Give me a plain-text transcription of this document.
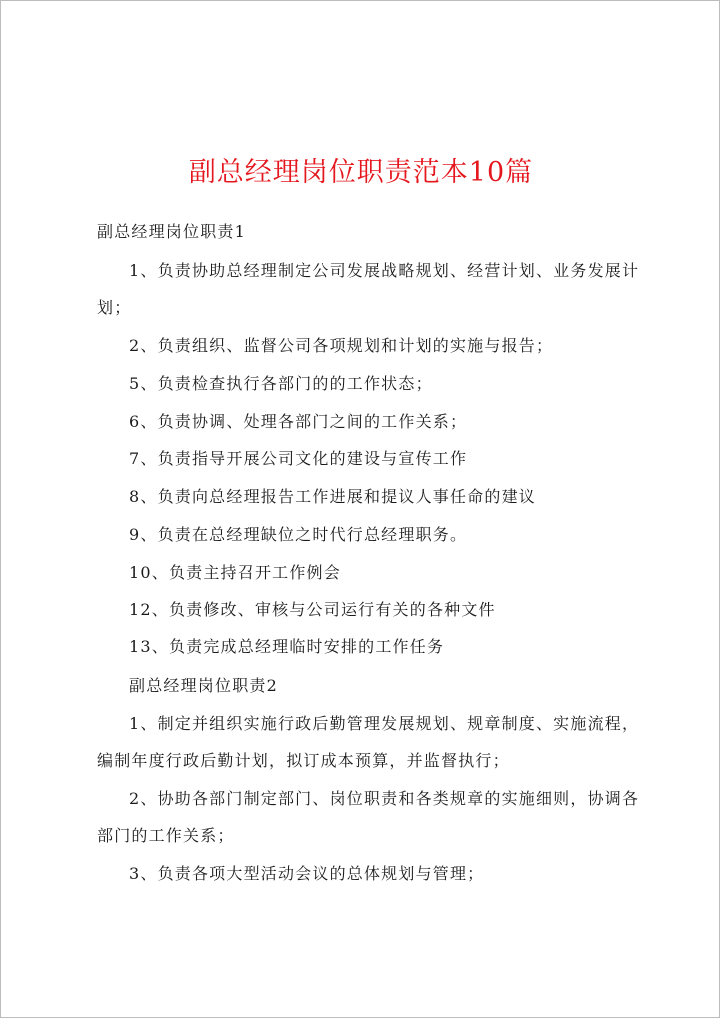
副总经理岗位职责范本10篇
副总经理岗位职责1
1、负责协助总经理制定公司发展战略规划、经营计划、业务发展计
划；
2、负责组织、监督公司各项规划和计划的实施与报告；
5、负责检查执行各部门的的工作状态；
6、负责协调、处理各部门之间的工作关系；
7、负责指导开展公司文化的建设与宣传工作
8、负责向总经理报告工作进展和提议人事任命的建议
9、负责在总经理缺位之时代行总经理职务。
10、负责主持召开工作例会
12、负责修改、审核与公司运行有关的各种文件
13、负责完成总经理临时安排的工作任务
副总经理岗位职责2
1、制定并组织实施行政后勤管理发展规划、规章制度、实施流程，
编制年度行政后勤计划，拟订成本预算，并监督执行；
2、协助各部门制定部门、岗位职责和各类规章的实施细则，协调各
部门的工作关系；
3、负责各项大型活动会议的总体规划与管理；
